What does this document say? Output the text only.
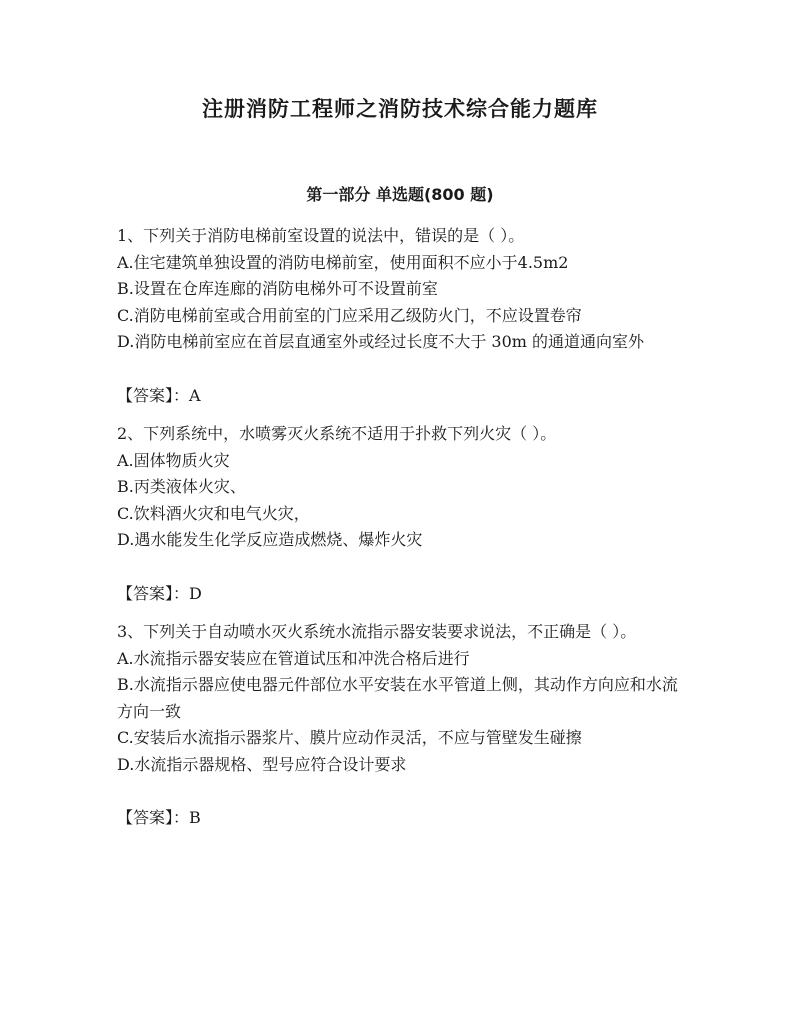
注册消防工程师之消防技术综合能力题库
第一部分 单选题(800 题)

1、下列关于消防电梯前室设置的说法中，错误的是（ ）。

A.住宅建筑单独设置的消防电梯前室，使用面积不应小于4.5m2

B.设置在仓库连廊的消防电梯外可不设置前室

C.消防电梯前室或合用前室的门应采用乙级防火门，不应设置卷帘

D.消防电梯前室应在首层直通室外或经过长度不大于 30m 的通道通向室外

【答案】：A

2、下列系统中，水喷雾灭火系统不适用于扑救下列火灾（ ）。

A.固体物质火灾

B.丙类液体火灾、

C.饮料酒火灾和电气火灾，

D.遇水能发生化学反应造成燃烧、爆炸火灾

【答案】：D

3、下列关于自动喷水灭火系统水流指示器安装要求说法，不正确是（ ）。

A.水流指示器安装应在管道试压和冲洗合格后进行

B.水流指示器应使电器元件部位水平安装在水平管道上侧，其动作方向应和水流方向一致

C.安装后水流指示器浆片、膜片应动作灵活，不应与管壁发生碰擦

D.水流指示器规格、型号应符合设计要求

【答案】：B
